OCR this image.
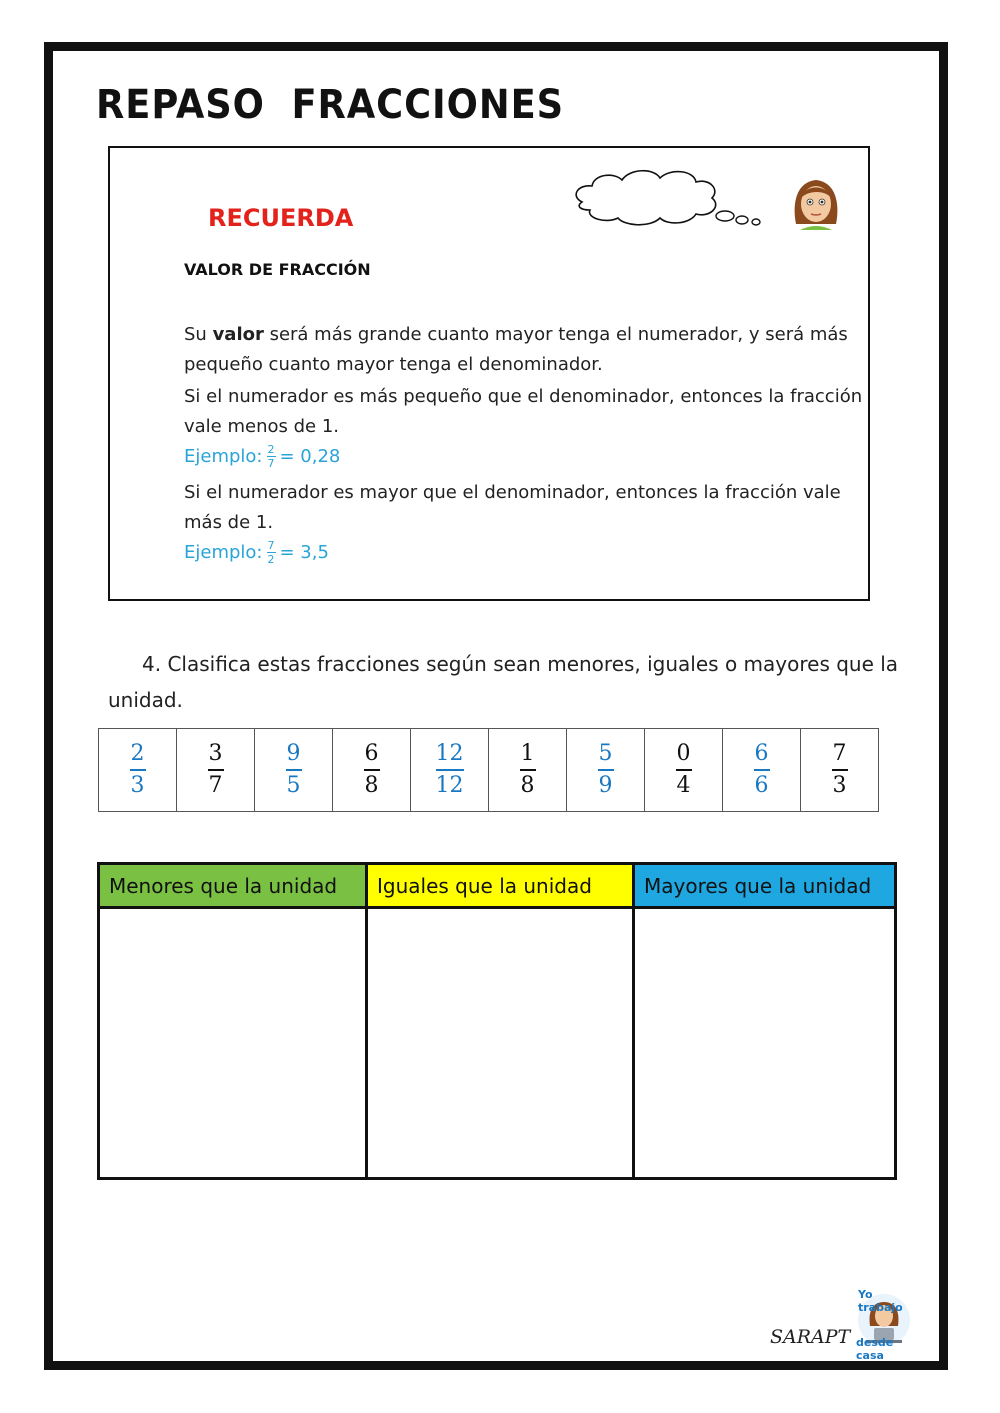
REPASO FRACCIONES
RECUERDA
VALOR DE FRACCIÓN
Su valor será más grande cuanto mayor tenga el numerador, y será más pequeño cuanto mayor tenga el denominador.
Si el numerador es más pequeño que el denominador, entonces la fracción vale menos de 1.
Ejemplo: $\frac{2}{7} = 0,28$
Si el numerador es mayor que el denominador, entonces la fracción vale más de 1.
Ejemplo: $\frac{7}{2} = 3,5$
4. Clasifica estas fracciones según sean menores, iguales o mayores que la unidad.
$\frac{2}{3}$	$\frac{3}{7}$	$\frac{9}{5}$	$\frac{6}{8}$	$\frac{12}{12}$	$\frac{1}{8}$	$\frac{5}{9}$	$\frac{0}{4}$	$\frac{6}{6}$	$\frac{7}{3}$
Menores que la unidad	Iguales que la unidad	Mayores que la unidad

SARAPT
Yo trabajo
desde casa
